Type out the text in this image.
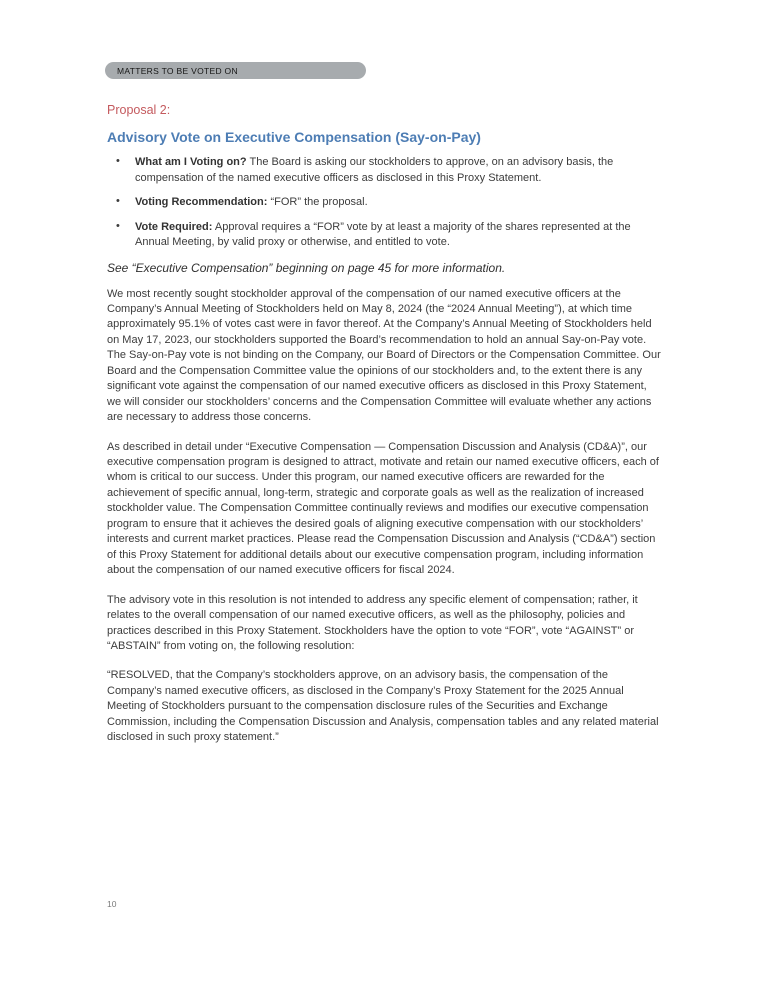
MATTERS TO BE VOTED ON
Proposal 2:
Advisory Vote on Executive Compensation (Say-on-Pay)
• What am I Voting on? The Board is asking our stockholders to approve, on an advisory basis, the compensation of the named executive officers as disclosed in this Proxy Statement.
• Voting Recommendation: “FOR” the proposal.
• Vote Required: Approval requires a “FOR” vote by at least a majority of the shares represented at the Annual Meeting, by valid proxy or otherwise, and entitled to vote.

See “Executive Compensation” beginning on page 45 for more information.

We most recently sought stockholder approval of the compensation of our named executive officers at the Company’s Annual Meeting of Stockholders held on May 8, 2024 (the “2024 Annual Meeting”), at which time approximately 95.1% of votes cast were in favor thereof. At the Company’s Annual Meeting of Stockholders held on May 17, 2023, our stockholders supported the Board’s recommendation to hold an annual Say-on-Pay vote. The Say-on-Pay vote is not binding on the Company, our Board of Directors or the Compensation Committee. Our Board and the Compensation Committee value the opinions of our stockholders and, to the extent there is any significant vote against the compensation of our named executive officers as disclosed in this Proxy Statement, we will consider our stockholders’ concerns and the Compensation Committee will evaluate whether any actions are necessary to address those concerns.

As described in detail under “Executive Compensation — Compensation Discussion and Analysis (CD&A)”, our executive compensation program is designed to attract, motivate and retain our named executive officers, each of whom is critical to our success. Under this program, our named executive officers are rewarded for the achievement of specific annual, long-term, strategic and corporate goals as well as the realization of increased stockholder value. The Compensation Committee continually reviews and modifies our executive compensation program to ensure that it achieves the desired goals of aligning executive compensation with our stockholders’ interests and current market practices. Please read the Compensation Discussion and Analysis (“CD&A”) section of this Proxy Statement for additional details about our executive compensation program, including information about the compensation of our named executive officers for fiscal 2024.

The advisory vote in this resolution is not intended to address any specific element of compensation; rather, it relates to the overall compensation of our named executive officers, as well as the philosophy, policies and practices described in this Proxy Statement. Stockholders have the option to vote “FOR”, vote “AGAINST” or “ABSTAIN” from voting on, the following resolution:

“RESOLVED, that the Company’s stockholders approve, on an advisory basis, the compensation of the Company’s named executive officers, as disclosed in the Company’s Proxy Statement for the 2025 Annual Meeting of Stockholders pursuant to the compensation disclosure rules of the Securities and Exchange Commission, including the Compensation Discussion and Analysis, compensation tables and any related material disclosed in such proxy statement.”

10
